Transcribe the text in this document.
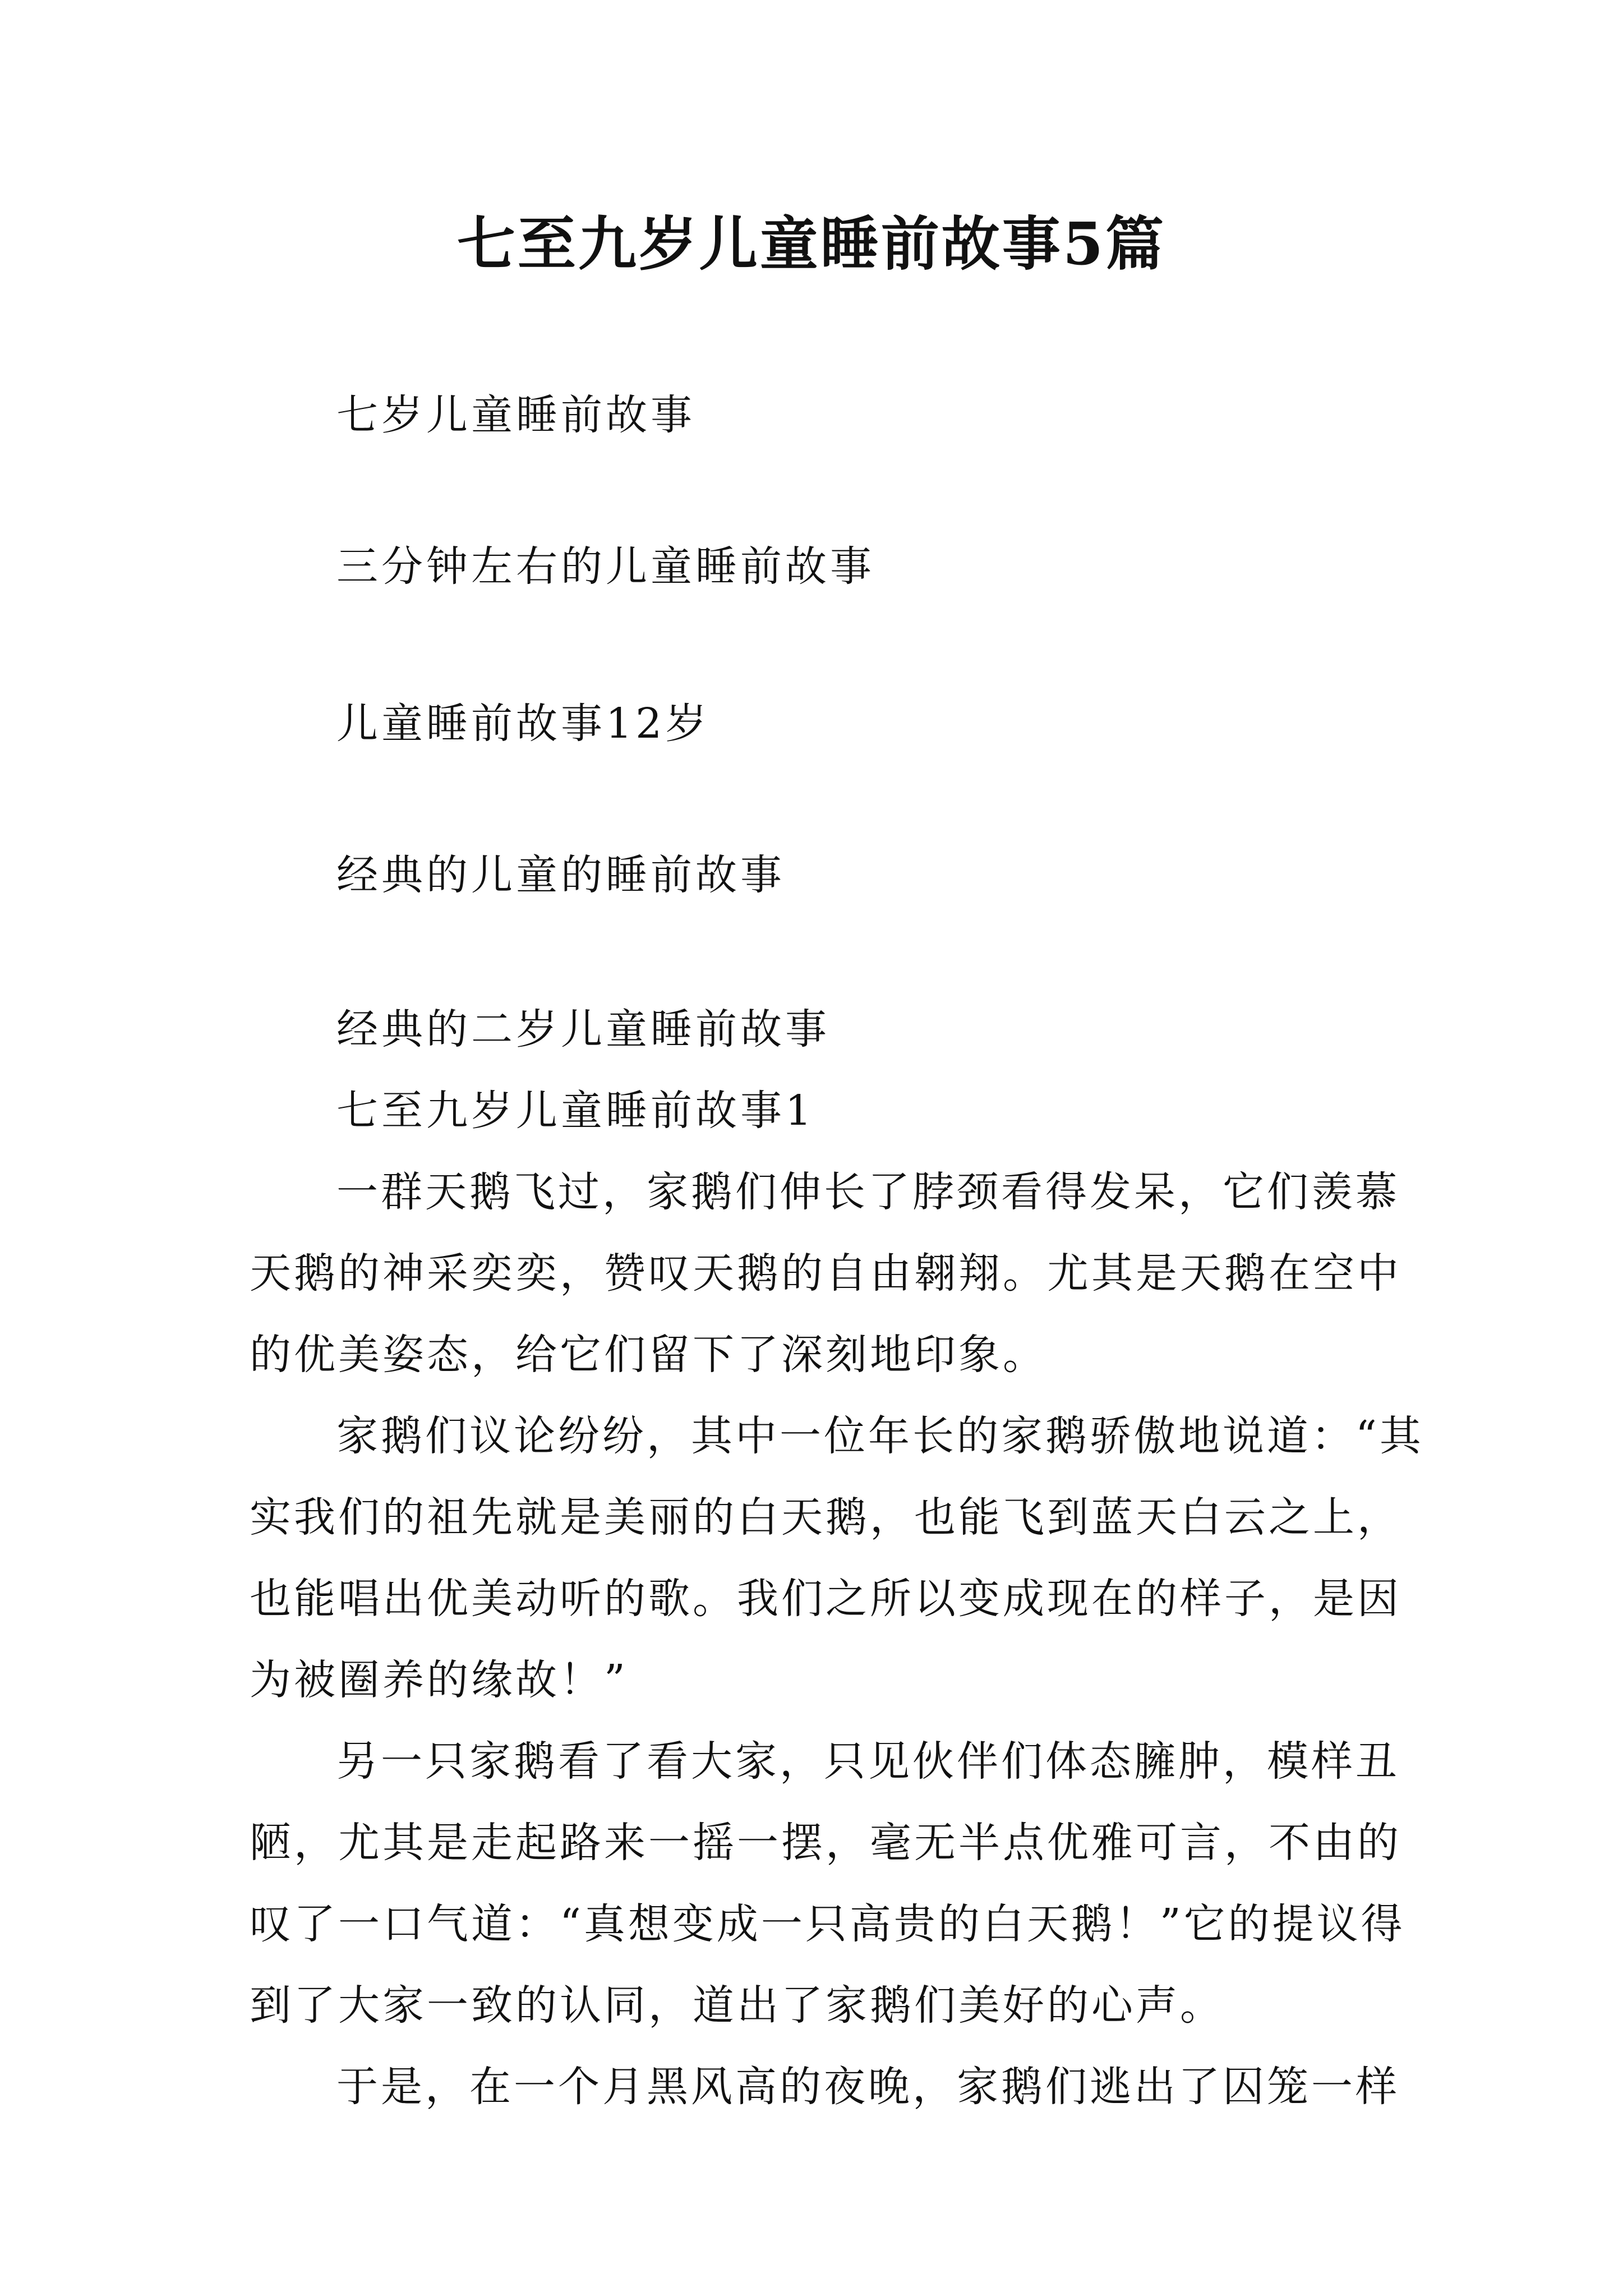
七至九岁儿童睡前故事5篇

七岁儿童睡前故事

三分钟左右的儿童睡前故事

儿童睡前故事12岁

经典的儿童的睡前故事

经典的二岁儿童睡前故事

七至九岁儿童睡前故事1

一群天鹅飞过，家鹅们伸长了脖颈看得发呆，它们羡慕

天鹅的神采奕奕，赞叹天鹅的自由翱翔。尤其是天鹅在空中

的优美姿态，给它们留下了深刻地印象。

家鹅们议论纷纷，其中一位年长的家鹅骄傲地说道：“其

实我们的祖先就是美丽的白天鹅，也能飞到蓝天白云之上，

也能唱出优美动听的歌。我们之所以变成现在的样子，是因

为被圈养的缘故！”

另一只家鹅看了看大家，只见伙伴们体态臃肿，模样丑

陋，尤其是走起路来一摇一摆，毫无半点优雅可言，不由的

叹了一口气道：“真想变成一只高贵的白天鹅！”它的提议得

到了大家一致的认同，道出了家鹅们美好的心声。

于是，在一个月黑风高的夜晚，家鹅们逃出了囚笼一样
